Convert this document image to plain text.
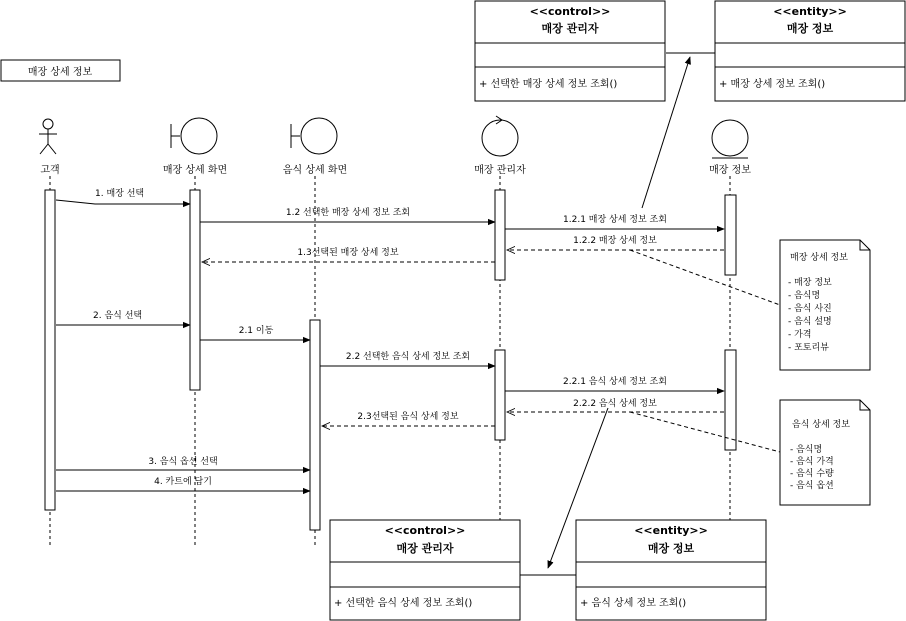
매장 상세 정보
고객	매장 상세 화면	음식 상세 화면	매장 관리자	매장 정보
1. 매장 선택
1.2 선택한 매장 상세 정보 조회
1.2.1 매장 상세 정보 조회
1.2.2 매장 상세 정보
1.3선택된 매장 상세 정보
2. 음식 선택
2.1 이동
2.2 선택한 음식 상세 정보 조회
2.2.1 음식 상세 정보 조회
2.2.2 음식 상세 정보
2.3선택된 음식 상세 정보
3. 음식 옵션 선택
4. 카트에 담기
매장 상세 정보
- 매장 정보
- 음식명
- 음식 사진
- 음식 설명
- 가격
- 포토리뷰
음식 상세 정보
- 음식명
- 음식 가격
- 음식 수량
- 음식 옵션
<<control>>
매장 관리자
+ 선택한 매장 상세 정보 조회()
<<entity>>
매장 정보
+ 매장 상세 정보 조회()
<<control>>
매장 관리자
+ 선택한 음식 상세 정보 조회()
<<entity>>
매장 정보
+ 음식 상세 정보 조회()
